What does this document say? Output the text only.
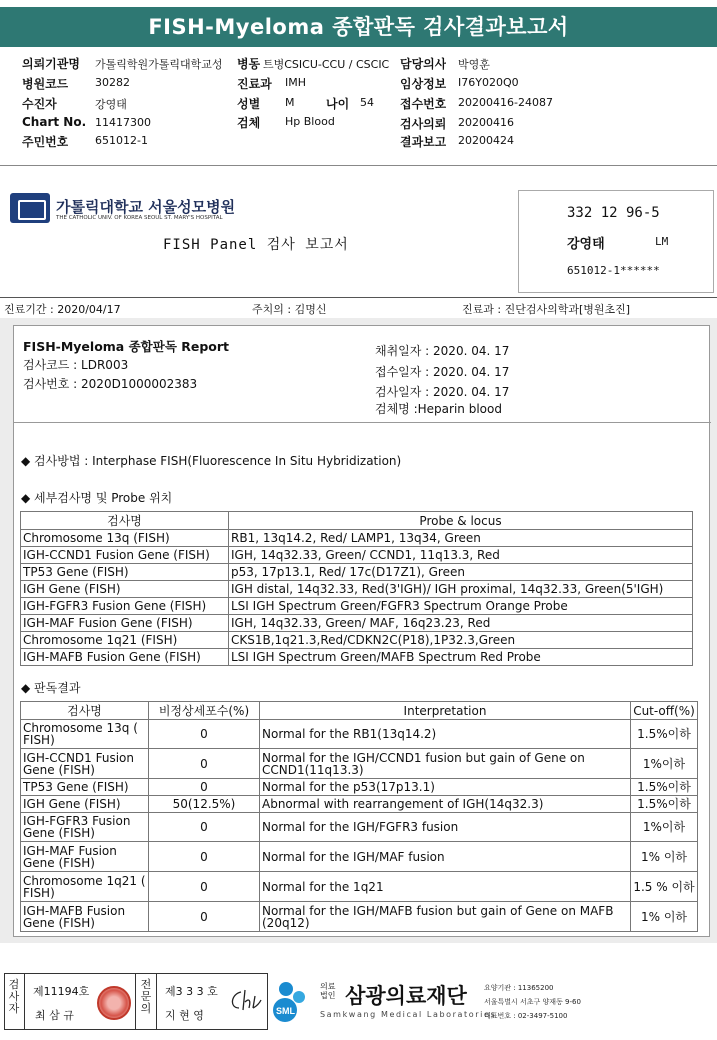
FISH-Myeloma 종합판독 검사결과보고서
의뢰기관명 가톨릭학원가톨릭대학교성	병동 트병CSICU-CCU / CSCIC 담당의사 박영훈
병원코드 30282	진료과 IMH	임상정보 I76Y020Q0
수진자	강영태	성별 M	나이 54 접수번호 20200416-24087
Chart No. 11417300	검체 Hp Blood	검사의뢰 20200416
주민번호 651012-1	결과보고 20200424
가톨릭대학교 서울성모병원
THE CATHOLIC UNIV. OF KOREA SEOUL ST. MARY'S HOSPITAL
FISH Panel 검사 보고서
332 12 96-5
강영태	LM
651012-1******
진료기간 : 2020/04/17	주치의 : 김명신	진료과 : 진단검사의학과[병원초진]
FISH-Myeloma 종합판독 Report
검사코드 : LDR003
검사번호 : 2020D1000002383
채취일자 : 2020. 04. 17
접수일자 : 2020. 04. 17
검사일자 : 2020. 04. 17
검체명 :Heparin blood
◆ 검사방법 : Interphase FISH(Fluorescence In Situ Hybridization)
◆ 세부검사명 및 Probe 위치
검사명	Probe & locus
Chromosome 13q (FISH)	RB1, 13q14.2, Red/ LAMP1, 13q34, Green
IGH-CCND1 Fusion Gene (FISH)	IGH, 14q32.33, Green/ CCND1, 11q13.3, Red
TP53 Gene (FISH)	p53, 17p13.1, Red/ 17c(D17Z1), Green
IGH Gene (FISH)	IGH distal, 14q32.33, Red(3'IGH)/ IGH proximal, 14q32.33, Green(5'IGH)
IGH-FGFR3 Fusion Gene (FISH)	LSI IGH Spectrum Green/FGFR3 Spectrum Orange Probe
IGH-MAF Fusion Gene (FISH)	IGH, 14q32.33, Green/ MAF, 16q23.23, Red
Chromosome 1q21 (FISH)	CKS1B,1q21.3,Red/CDKN2C(P18),1P32.3,Green
IGH-MAFB Fusion Gene (FISH)	LSI IGH Spectrum Green/MAFB Spectrum Red Probe
◆ 판독결과
검사명	비정상세포수(%)	Interpretation	Cut-off(%)
Chromosome 13q ( FISH)	0	Normal for the RB1(13q14.2)	1.5%이하
IGH-CCND1 Fusion Gene (FISH)	0	Normal for the IGH/CCND1 fusion but gain of Gene on CCND1(11q13.3)	1%이하
TP53 Gene (FISH)	0	Normal for the p53(17p13.1)	1.5%이하
IGH Gene (FISH)	50(12.5%)	Abnormal with rearrangement of IGH(14q32.3)	1.5%이하
IGH-FGFR3 Fusion Gene (FISH)	0	Normal for the IGH/FGFR3 fusion	1%이하
IGH-MAF Fusion Gene (FISH)	0	Normal for the IGH/MAF fusion	1% 이하
Chromosome 1q21 ( FISH)	0	Normal for the 1q21	1.5 % 이하
IGH-MAFB Fusion Gene (FISH)	0	Normal for the IGH/MAFB fusion but gain of Gene on MAFB (20q12)	1% 이하
검사자
제11194호
최 삼 규
전문의
제3 3 3 호
지 현 영	SML
의료법인 삼광의료재단
Samkwang Medical Laboratories
요양기관 : 11365200
서울특별시 서초구 양재동 9-60
대표번호 : 02-3497-5100
